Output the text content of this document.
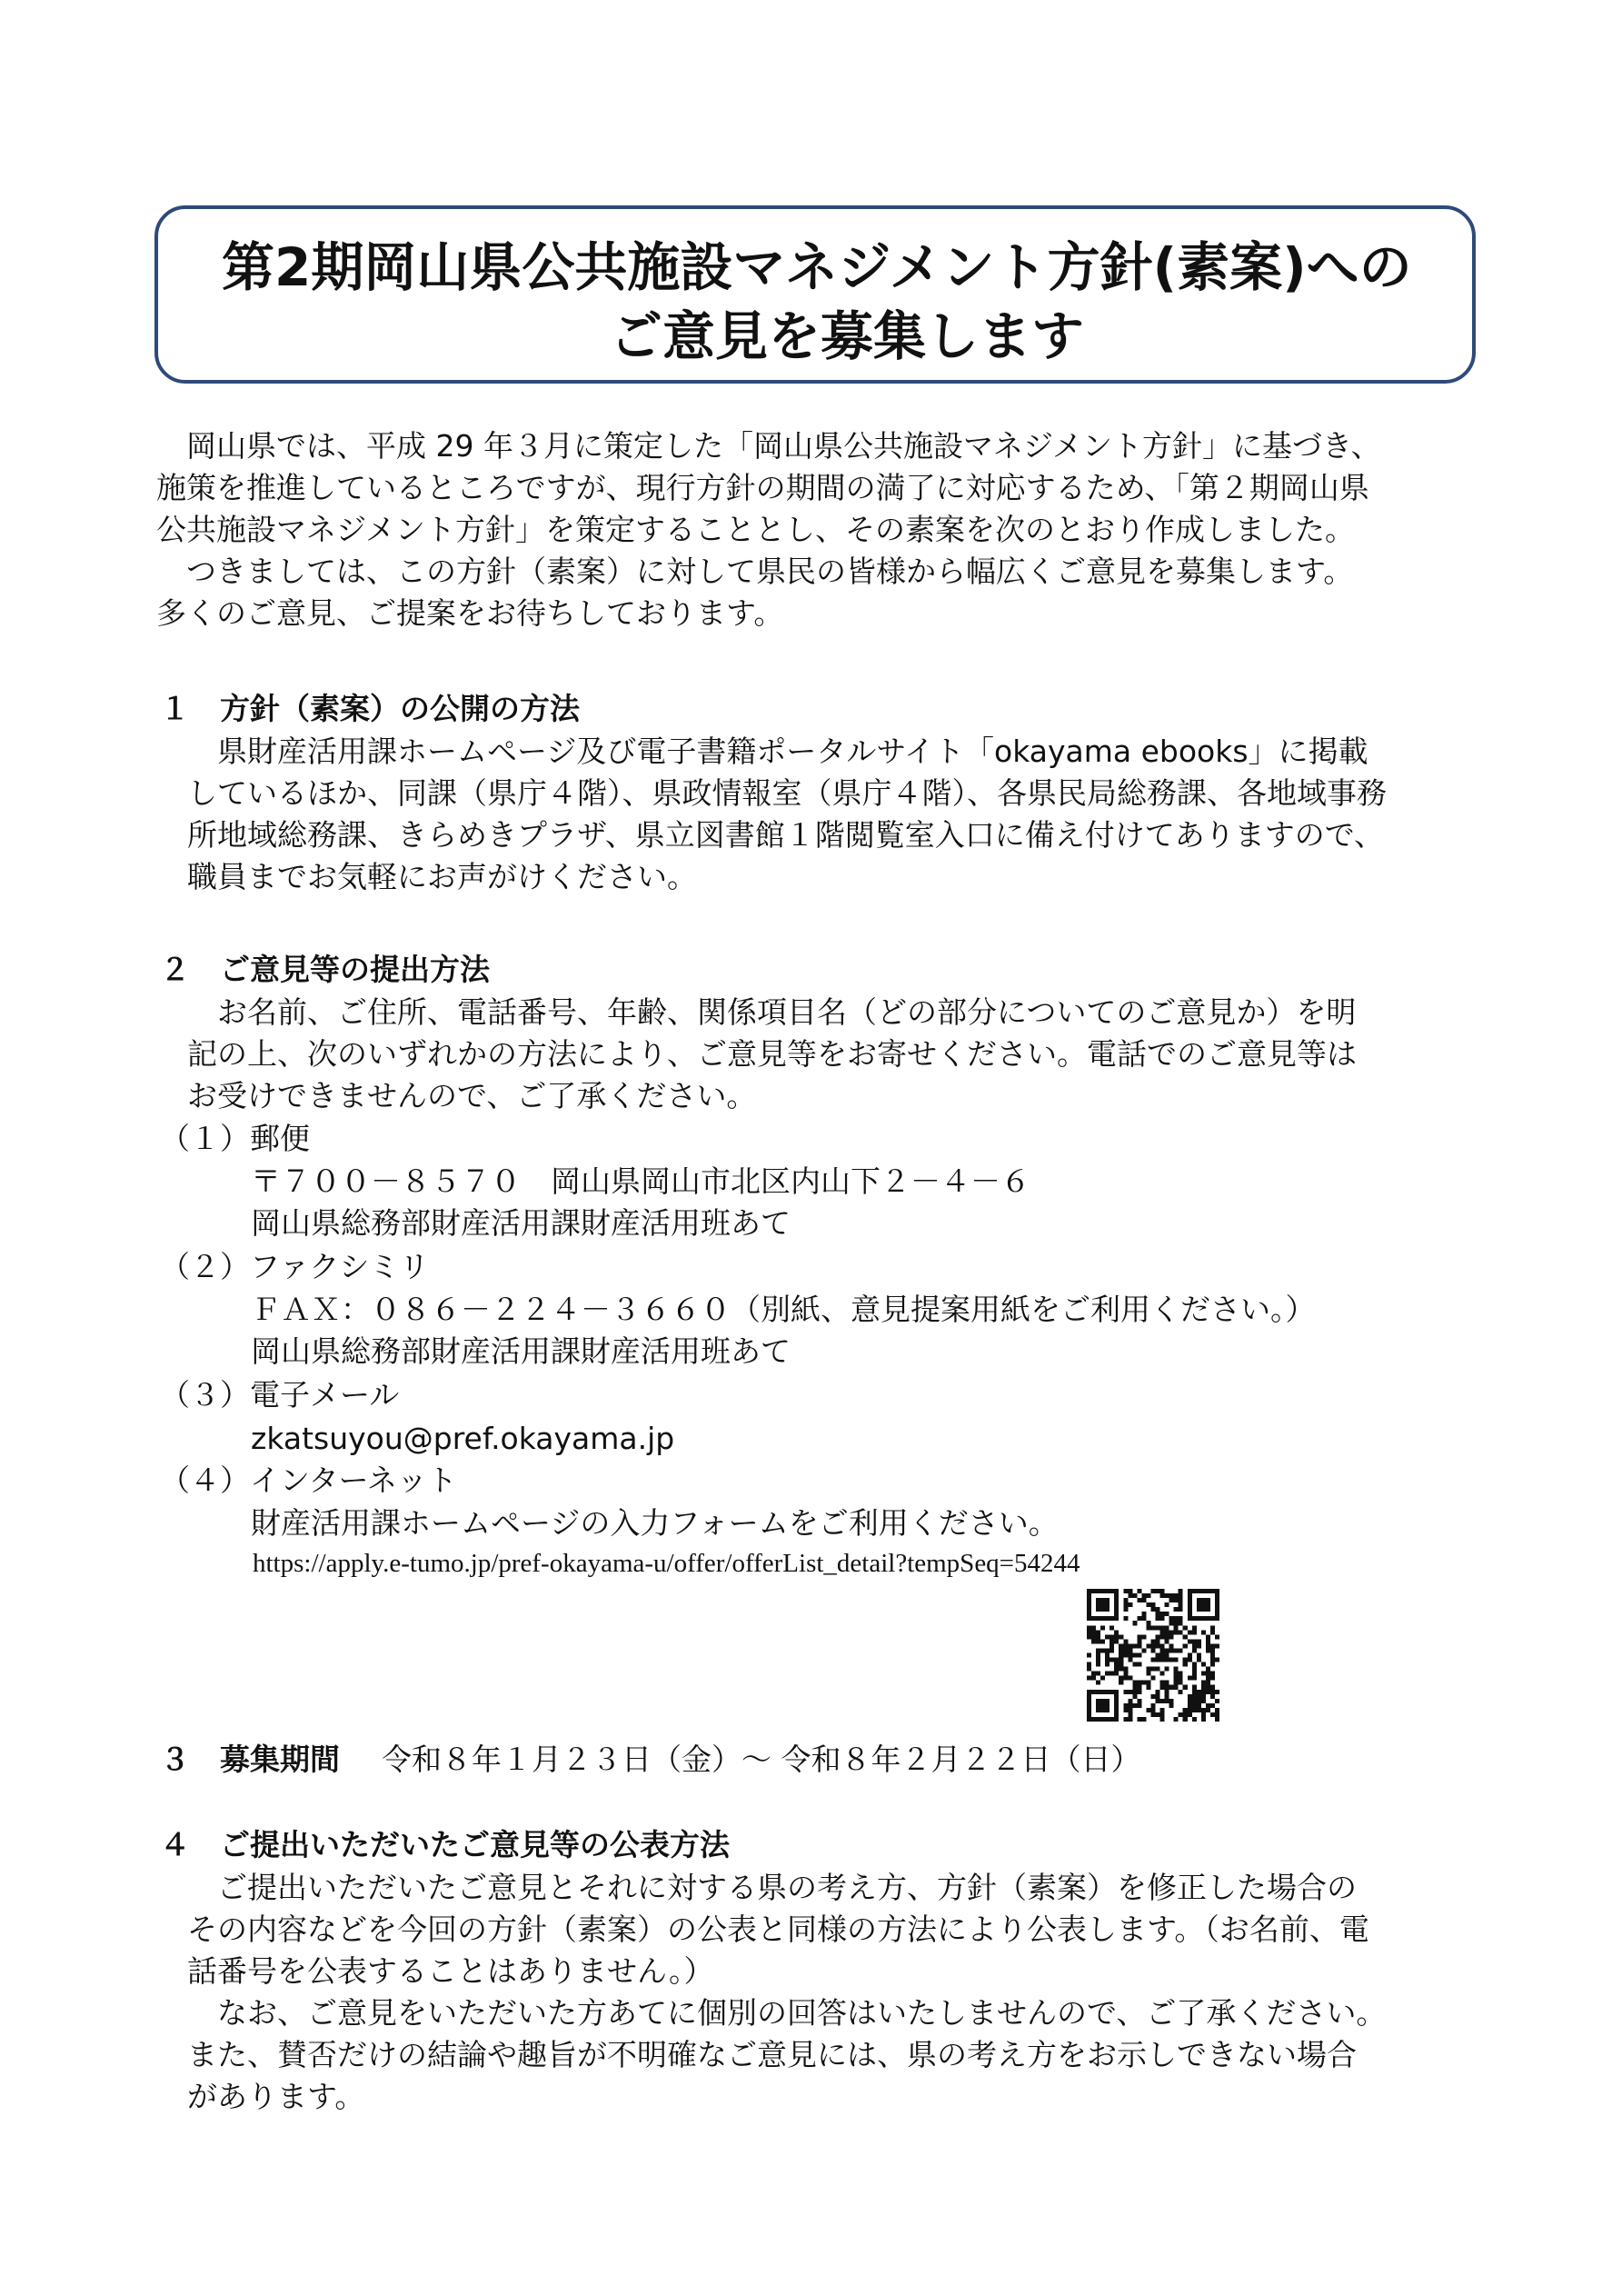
第2期岡山県公共施設マネジメント方針(素案)への
ご意見を募集します
　岡山県では、平成 29 年３月に策定した「岡山県公共施設マネジメント方針」に基づき、
施策を推進しているところですが、現行方針の期間の満了に対応するため、「第２期岡山県
公共施設マネジメント方針」を策定することとし、その素案を次のとおり作成しました。
　つきましては、この方針（素案）に対して県民の皆様から幅広くご意見を募集します。
多くのご意見、ご提案をお待ちしております。
１　方針（素案）の公開の方法
　県財産活用課ホームページ及び電子書籍ポータルサイト「okayama ebooks」に掲載
しているほか、同課（県庁４階）、県政情報室（県庁４階）、各県民局総務課、各地域事務
所地域総務課、きらめきプラザ、県立図書館１階閲覧室入口に備え付けてありますので、
職員までお気軽にお声がけください。
２　ご意見等の提出方法
　お名前、ご住所、電話番号、年齢、関係項目名（どの部分についてのご意見か）を明
記の上、次のいずれかの方法により、ご意見等をお寄せください。電話でのご意見等は
お受けできませんので、ご了承ください。
（１）郵便
〒７００－８５７０　岡山県岡山市北区内山下２－４－６
岡山県総務部財産活用課財産活用班あて
（２）ファクシミリ
ＦＡＸ：０８６－２２４－３６６０（別紙、意見提案用紙をご利用ください。）
岡山県総務部財産活用課財産活用班あて
（３）電子メール
zkatsuyou@pref.okayama.jp
（４）インターネット
財産活用課ホームページの入力フォームをご利用ください。
https://apply.e-tumo.jp/pref-okayama-u/offer/offerList_detail?tempSeq=54244
３　募集期間 令和８年１月２３日（金）～ 令和８年２月２２日（日）
４　ご提出いただいたご意見等の公表方法
　ご提出いただいたご意見とそれに対する県の考え方、方針（素案）を修正した場合の
その内容などを今回の方針（素案）の公表と同様の方法により公表します。（お名前、電
話番号を公表することはありません。）
　なお、ご意見をいただいた方あてに個別の回答はいたしませんので、ご了承ください。
また、賛否だけの結論や趣旨が不明確なご意見には、県の考え方をお示しできない場合
があります。
